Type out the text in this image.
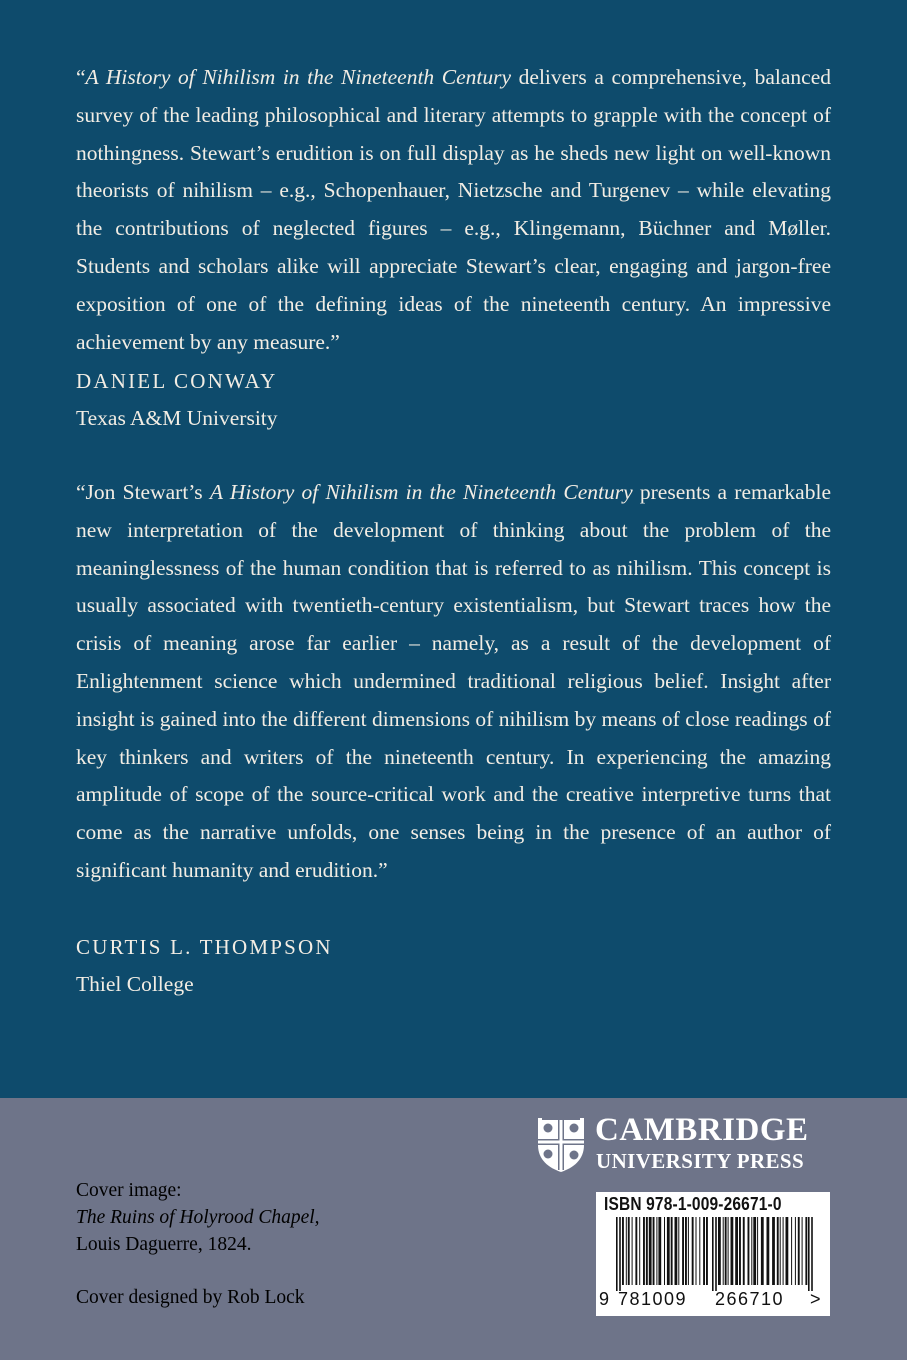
“A History of Nihilism in the Nineteenth Century delivers a comprehensive, balanced survey of the leading philosophical and literary attempts to grapple with the concept of nothingness. Stewart’s erudition is on full display as he sheds new light on well-known theorists of nihilism – e.g., Schopenhauer, Nietzsche and Turgenev – while elevating the contributions of neglected figures – e.g., Klingemann, Büchner and Møller. Students and scholars alike will appreciate Stewart’s clear, engaging and jargon-free exposition of one of the defining ideas of the nineteenth century. An impressive achievement by any measure.”

DANIEL CONWAY
Texas A&M University

“Jon Stewart’s A History of Nihilism in the Nineteenth Century presents a remarkable new interpretation of the development of thinking about the problem of the meaninglessness of the human condition that is referred to as nihilism. This concept is usually associated with twentieth-century existentialism, but Stewart traces how the crisis of meaning arose far earlier – namely, as a result of the development of Enlightenment science which undermined traditional religious belief. Insight after insight is gained into the different dimensions of nihilism by means of close readings of key thinkers and writers of the nineteenth century. In experiencing the amazing amplitude of scope of the source-critical work and the creative interpretive turns that come as the narrative unfolds, one senses being in the presence of an author of significant humanity and erudition.”

CURTIS L. THOMPSON
Thiel College
CAMBRIDGE
UNIVERSITY PRESS
Cover image:
The Ruins of Holyrood Chapel,
Louis Daguerre, 1824.
Cover designed by Rob Lock
ISBN 978-1-009-26671-0
9 781009 266710 >
